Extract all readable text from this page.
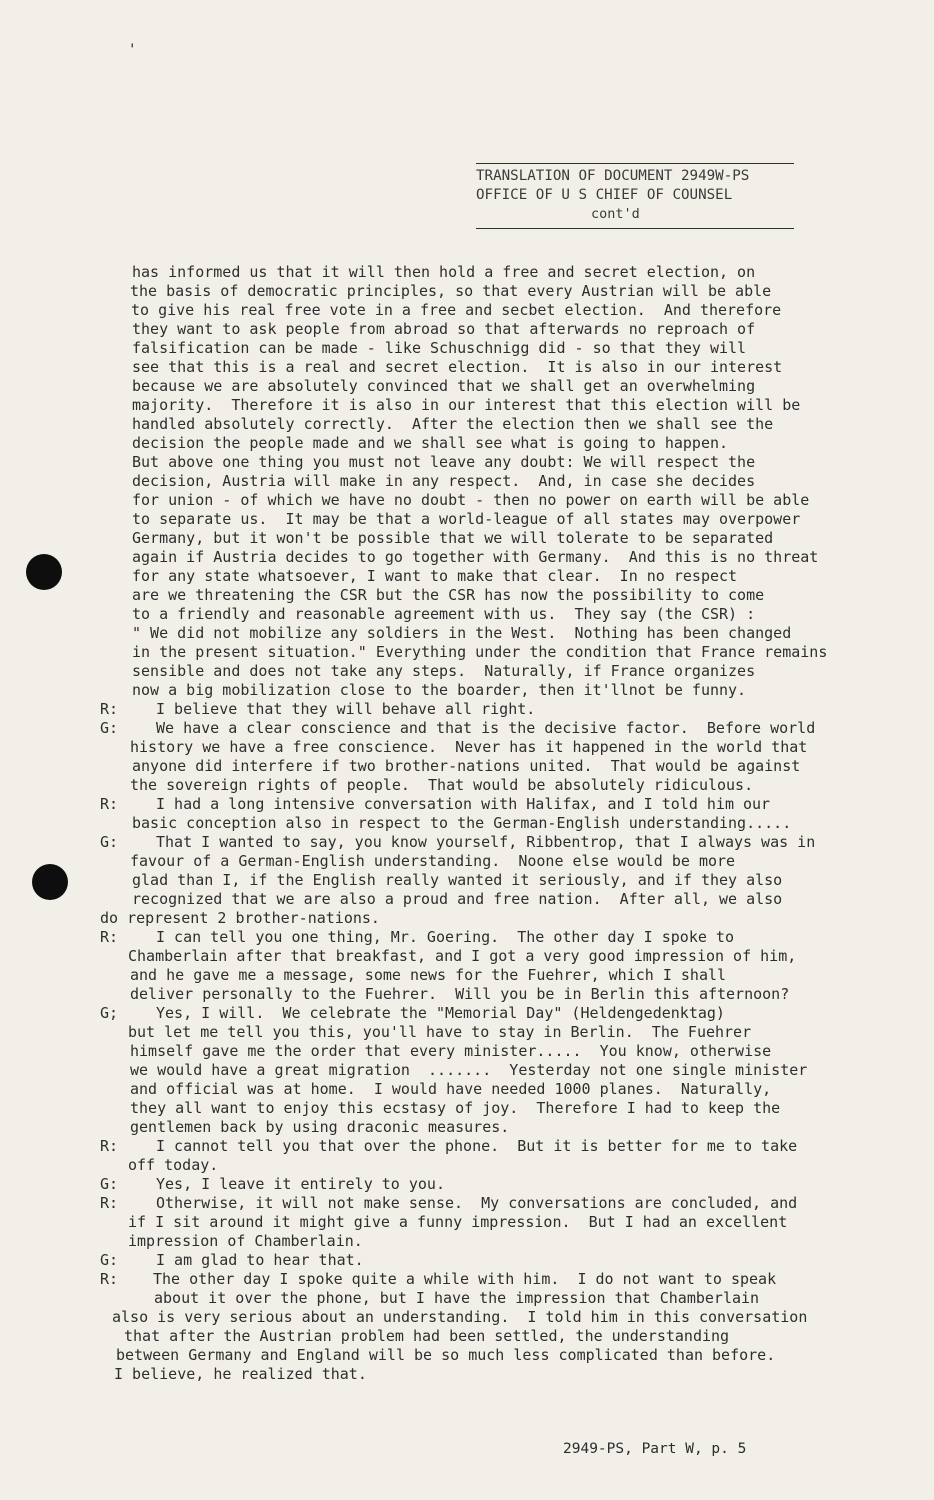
'
TRANSLATION OF DOCUMENT 2949W-PS
OFFICE OF U S CHIEF OF COUNSEL
cont'd
has informed us that it will then hold a free and secret election, on
the basis of democratic principles, so that every Austrian will be able
to give his real free vote in a free and secbet election.  And therefore
they want to ask people from abroad so that afterwards no reproach of
falsification can be made - like Schuschnigg did - so that they will
see that this is a real and secret election.  It is also in our interest
because we are absolutely convinced that we shall get an overwhelming
majority.  Therefore it is also in our interest that this election will be
handled absolutely correctly.  After the election then we shall see the
decision the people made and we shall see what is going to happen.
But above one thing you must not leave any doubt: We will respect the
decision, Austria will make in any respect.  And, in case she decides
for union - of which we have no doubt - then no power on earth will be able
to separate us.  It may be that a world-league of all states may overpower
Germany, but it won't be possible that we will tolerate to be separated
again if Austria decides to go together with Germany.  And this is no threat
for any state whatsoever, I want to make that clear.  In no respect
are we threatening the CSR but the CSR has now the possibility to come
to a friendly and reasonable agreement with us.  They say (the CSR) :
" We did not mobilize any soldiers in the West.  Nothing has been changed
in the present situation." Everything under the condition that France remains
sensible and does not take any steps.  Naturally, if France organizes
now a big mobilization close to the boarder, then it'llnot be funny.
R:	I believe that they will behave all right.
G:	We have a clear conscience and that is the decisive factor.  Before world
history we have a free conscience.  Never has it happened in the world that
anyone did interfere if two brother-nations united.  That would be against
the sovereign rights of people.  That would be absolutely ridiculous.
R:	I had a long intensive conversation with Halifax, and I told him our
basic conception also in respect to the German-English understanding.....
G:	That I wanted to say, you know yourself, Ribbentrop, that I always was in
favour of a German-English understanding.  Noone else would be more
glad than I, if the English really wanted it seriously, and if they also
recognized that we are also a proud and free nation.  After all, we also
do represent 2 brother-nations.
R:	I can tell you one thing, Mr. Goering.  The other day I spoke to
Chamberlain after that breakfast, and I got a very good impression of him,
and he gave me a message, some news for the Fuehrer, which I shall
deliver personally to the Fuehrer.  Will you be in Berlin this afternoon?
G;	Yes, I will.  We celebrate the "Memorial Day" (Heldengedenktag)
but let me tell you this, you'll have to stay in Berlin.  The Fuehrer
himself gave me the order that every minister.....  You know, otherwise
we would have a great migration  .......  Yesterday not one single minister
and official was at home.  I would have needed 1000 planes.  Naturally,
they all want to enjoy this ecstasy of joy.  Therefore I had to keep the
gentlemen back by using draconic measures.
R:	I cannot tell you that over the phone.  But it is better for me to take
off today.
G:	Yes, I leave it entirely to you.
R:	Otherwise, it will not make sense.  My conversations are concluded, and
if I sit around it might give a funny impression.  But I had an excellent
impression of Chamberlain.
G:	I am glad to hear that.
R: The other day I spoke quite a while with him.  I do not want to speak
about it over the phone, but I have the impression that Chamberlain
also is very serious about an understanding.  I told him in this conversation
that after the Austrian problem had been settled, the understanding
between Germany and England will be so much less complicated than before.
I believe, he realized that.
2949-PS, Part W, p. 5
